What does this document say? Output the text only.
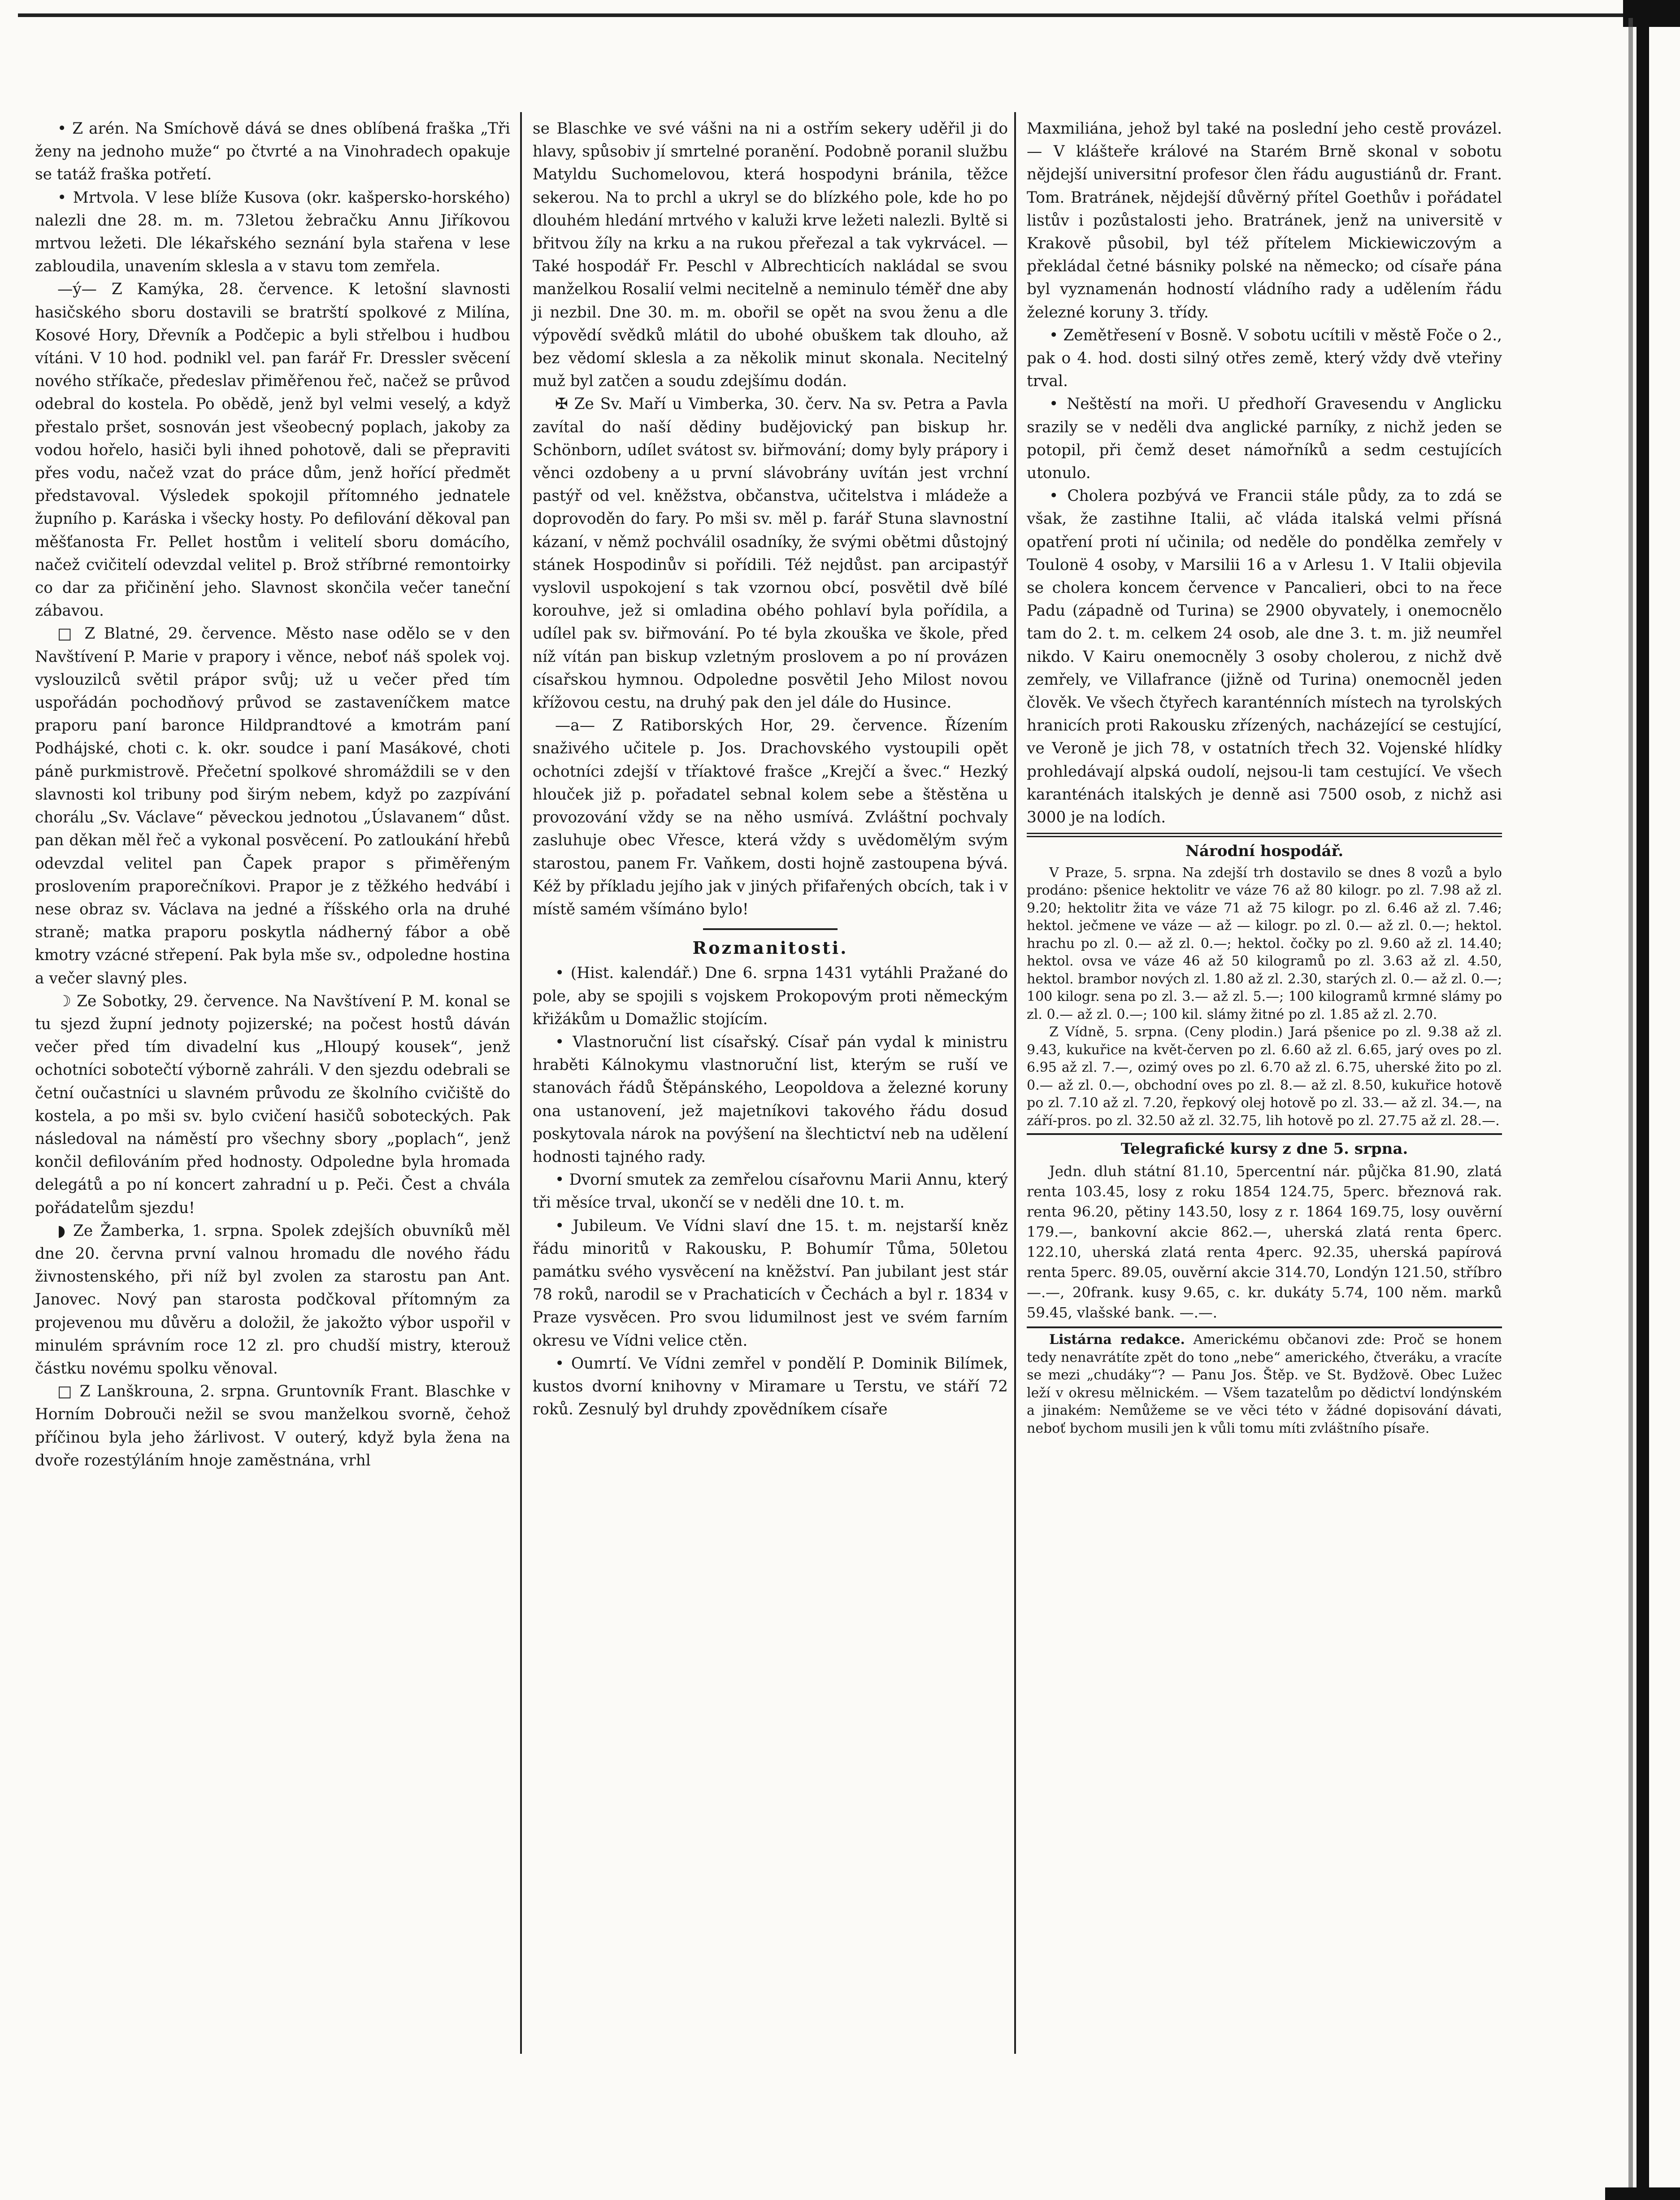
• Z arén. Na Smíchově dává se dnes oblíbená fraška „Tři ženy na jednoho muže“ po čtvrté a na Vinohradech opakuje se tatáž fraška potřetí.

• Mrtvola. V lese blíže Kusova (okr. kašpersko-horského) nalezli dne 28. m. m. 73letou žebračku Annu Jiříkovou mrtvou ležeti. Dle lékařského seznání byla stařena v lese zabloudila, unavením sklesla a v stavu tom zemřela.

—ý— Z Kamýka, 28. července. K letošní slavnosti hasičského sboru dostavili se bratrští spolkové z Milína, Kosové Hory, Dřevník a Podčepic a byli střelbou i hudbou vítáni. V 10 hod. podnikl vel. pan farář Fr. Dressler svěcení nového stříkače, předeslav přiměřenou řeč, načež se průvod odebral do kostela. Po obědě, jenž byl velmi veselý, a když přestalo pršet, sosnován jest všeobecný poplach, jakoby za vodou hořelo, hasiči byli ihned pohotově, dali se přepraviti přes vodu, načež vzat do práce dům, jenž hořící předmět představoval. Výsledek spokojil přítomného jednatele župního p. Karáska i všecky hosty. Po defilování děkoval pan měšťanosta Fr. Pellet hostům i velitelí sboru domácího, načež cvičitelí odevzdal velitel p. Brož stříbrné remontoirky co dar za přičinění jeho. Slavnost skončila večer taneční zábavou.

□ Z Blatné, 29. července. Město nase odělo se v den Navštívení P. Marie v prapory i věnce, neboť náš spolek voj. vyslouzilců světil prápor svůj; už u večer před tím uspořádán pochodňový průvod se zastaveníčkem matce praporu paní baronce Hildprandtové a kmotrám paní Podhájské, choti c. k. okr. soudce i paní Masákové, choti páně purkmistrově. Přečetní spolkové shromáždili se v den slavnosti kol tribuny pod širým nebem, když po zazpívání chorálu „Sv. Václave“ pěveckou jednotou „Úslavanem“ důst. pan děkan měl řeč a vykonal posvěcení. Po zatloukání hřebů odevzdal velitel pan Čapek prapor s přiměřeným proslovením praporečníkovi. Prapor je z těžkého hedvábí i nese obraz sv. Václava na jedné a říšského orla na druhé straně; matka praporu poskytla nádherný fábor a obě kmotry vzácné střepení. Pak byla mše sv., odpoledne hostina a večer slavný ples.

☽ Ze Sobotky, 29. července. Na Navštívení P. M. konal se tu sjezd župní jednoty pojizerské; na počest hostů dáván večer před tím divadelní kus „Hloupý kousek“, jenž ochotníci sobotečtí výborně zahráli. V den sjezdu odebrali se četní oučastníci u slavném průvodu ze školního cvičiště do kostela, a po mši sv. bylo cvičení hasičů soboteckých. Pak následoval na náměstí pro všechny sbory „poplach“, jenž končil defilováním před hodnosty. Odpoledne byla hromada delegátů a po ní koncert zahradní u p. Peči. Čest a chvála pořádatelům sjezdu!

◗ Ze Žamberka, 1. srpna. Spolek zdejších obuvníků měl dne 20. června první valnou hromadu dle nového řádu živnostenského, při níž byl zvolen za starostu pan Ant. Janovec. Nový pan starosta podčkoval přítomným za projevenou mu důvěru a doložil, že jakožto výbor uspořil v minulém správním roce 12 zl. pro chudší mistry, kterouž částku novému spolku věnoval.

□ Z Lanškrouna, 2. srpna. Gruntovník Frant. Blaschke v Horním Dobrouči nežil se svou manželkou svorně, čehož příčinou byla jeho žárlivost. V outerý, když byla žena na dvoře rozestýláním hnoje zaměstnána, vrhl

se Blaschke ve své vášni na ni a ostřím sekery uděřil ji do hlavy, spůsobiv jí smrtelné poranění. Podobně poranil službu Matyldu Suchomelovou, která hospodyni bránila, těžce sekerou. Na to prchl a ukryl se do blízkého pole, kde ho po dlouhém hledání mrtvého v kaluži krve ležeti nalezli. Byltě si břitvou žíly na krku a na rukou přeřezal a tak vykrvácel. — Také hospodář Fr. Peschl v Albrechticích nakládal se svou manželkou Rosalií velmi necitelně a neminulo téměř dne aby ji nezbil. Dne 30. m. m. obořil se opět na svou ženu a dle výpovědí svědků mlátil do ubohé obuškem tak dlouho, až bez vědomí sklesla a za několik minut skonala. Necitelný muž byl zatčen a soudu zdejšímu dodán.

✠ Ze Sv. Maří u Vimberka, 30. červ. Na sv. Petra a Pavla zavítal do naší dědiny budějovický pan biskup hr. Schönborn, udílet svátost sv. biřmování; domy byly prápory i věnci ozdobeny a u první slávobrány uvítán jest vrchní pastýř od vel. kněžstva, občanstva, učitelstva i mládeže a doprovoděn do fary. Po mši sv. měl p. farář Stuna slavnostní kázaní, v němž pochválil osadníky, že svými obětmi důstojný stánek Hospodinův si pořídili. Též nejdůst. pan arcipastýř vyslovil uspokojení s tak vzornou obcí, posvětil dvě bílé korouhve, jež si omladina obého pohlaví byla pořídila, a udílel pak sv. biřmování. Po té byla zkouška ve škole, před níž vítán pan biskup vzletným proslovem a po ní provázen císařskou hymnou. Odpoledne posvětil Jeho Milost novou křížovou cestu, na druhý pak den jel dále do Husince.

—a— Z Ratiborských Hor, 29. července. Řízením snaživého učitele p. Jos. Drachovského vystoupili opět ochotníci zdejší v tříaktové frašce „Krejčí a švec.“ Hezký hlouček již p. pořadatel sebnal kolem sebe a štěstěna u provozování vždy se na něho usmívá. Zvláštní pochvaly zasluhuje obec Vřesce, která vždy s uvědomělým svým starostou, panem Fr. Vaňkem, dosti hojně zastoupena bývá. Kéž by příkladu jejího jak v jiných přifařených obcích, tak i v místě samém všímáno bylo!

Rozmanitosti.

• (Hist. kalendář.) Dne 6. srpna 1431 vytáhli Pražané do pole, aby se spojili s vojskem Prokopovým proti německým křižákům u Domažlic stojícím.

• Vlastnoruční list císařský. Císař pán vydal k ministru hraběti Kálnokymu vlastnoruční list, kterým se ruší ve stanovách řádů Štěpánského, Leopoldova a železné koruny ona ustanovení, jež majetníkovi takového řádu dosud poskytovala nárok na povýšení na šlechtictví neb na udělení hodnosti tajného rady.

• Dvorní smutek za zemřelou císařovnu Marii Annu, který tři měsíce trval, ukončí se v neděli dne 10. t. m.

• Jubileum. Ve Vídni slaví dne 15. t. m. nejstarší kněz řádu minoritů v Rakousku, P. Bohumír Tůma, 50letou památku svého vysvěcení na kněžství. Pan jubilant jest stár 78 roků, narodil se v Prachaticích v Čechách a byl r. 1834 v Praze vysvěcen. Pro svou lidumilnost jest ve svém farním okresu ve Vídni velice ctěn.

• Oumrtí. Ve Vídni zemřel v pondělí P. Dominik Bilímek, kustos dvorní knihovny v Miramare u Terstu, ve stáří 72 roků. Zesnulý byl druhdy zpovědníkem císaře

Maxmiliána, jehož byl také na poslední jeho cestě provázel. — V klášteře králové na Starém Brně skonal v sobotu nějdejší universitní profesor člen řádu augustiánů dr. Frant. Tom. Bratránek, nějdejší důvěrný přítel Goethův i pořádatel listův i pozůstalosti jeho. Bratránek, jenž na universitě v Krakově působil, byl též přítelem Mickiewiczovým a překládal četné básniky polské na německo; od císaře pána byl vyznamenán hodností vládního rady a udělením řádu železné koruny 3. třídy.

• Zemětřesení v Bosně. V sobotu ucítili v městě Foče o 2., pak o 4. hod. dosti silný otřes země, který vždy dvě vteřiny trval.

• Neštěstí na moři. U předhoří Gravesendu v Anglicku srazily se v neděli dva anglické parníky, z nichž jeden se potopil, při čemž deset námořníků a sedm cestujících utonulo.

• Cholera pozbývá ve Francii stále půdy, za to zdá se však, že zastihne Italii, ač vláda italská velmi přísná opatření proti ní učinila; od neděle do pondělka zemřely v Toulonë 4 osoby, v Marsilii 16 a v Arlesu 1. V Italii objevila se cholera koncem července v Pancalieri, obci to na řece Padu (západně od Turina) se 2900 obyvately, i onemocnělo tam do 2. t. m. celkem 24 osob, ale dne 3. t. m. již neumřel nikdo. V Kairu onemocněly 3 osoby cholerou, z nichž dvě zemřely, ve Villafrance (jižně od Turina) onemocněl jeden člověk. Ve všech čtyřech karanténních místech na tyrolských hranicích proti Rakousku zřízených, nacházející se cestující, ve Veroně je jich 78, v ostatních třech 32. Vojenské hlídky prohledávají alpská oudolí, nejsou-li tam cestující. Ve všech karanténách italských je denně asi 7500 osob, z nichž asi 3000 je na lodích.

Národní hospodář.

V Praze, 5. srpna. Na zdejší trh dostavilo se dnes 8 vozů a bylo prodáno: pšenice hektolitr ve váze 76 až 80 kilogr. po zl. 7.98 až zl. 9.20; hektolitr žita ve váze 71 až 75 kilogr. po zl. 6.46 až zl. 7.46; hektol. ječmene ve váze — až — kilogr. po zl. 0.— až zl. 0.—; hektol. hrachu po zl. 0.— až zl. 0.—; hektol. čočky po zl. 9.60 až zl. 14.40; hektol. ovsa ve váze 46 až 50 kilogramů po zl. 3.63 až zl. 4.50, hektol. brambor nových zl. 1.80 až zl. 2.30, starých zl. 0.— až zl. 0.—; 100 kilogr. sena po zl. 3.— až zl. 5.—; 100 kilogramů krmné slámy po zl. 0.— až zl. 0.—; 100 kil. slámy žitné po zl. 1.85 až zl. 2.70.

Z Vídně, 5. srpna. (Ceny plodin.) Jará pšenice po zl. 9.38 až zl. 9.43, kukuřice na květ-červen po zl. 6.60 až zl. 6.65, jarý oves po zl. 6.95 až zl. 7.—, ozimý oves po zl. 6.70 až zl. 6.75, uherské žito po zl. 0.— až zl. 0.—, obchodní oves po zl. 8.— až zl. 8.50, kukuřice hotově po zl. 7.10 až zl. 7.20, řepkový olej hotově po zl. 33.— až zl. 34.—, na září-pros. po zl. 32.50 až zl. 32.75, lih hotově po zl. 27.75 až zl. 28.—.

Telegrafické kursy z dne 5. srpna.

Jedn. dluh státní 81.10, 5percentní nár. půjčka 81.90, zlatá renta 103.45, losy z roku 1854 124.75, 5perc. březnová rak. renta 96.20, pětiny 143.50, losy z r. 1864 169.75, losy ouvěrní 179.—, bankovní akcie 862.—, uherská zlatá renta 6perc. 122.10, uherská zlatá renta 4perc. 92.35, uherská papírová renta 5perc. 89.05, ouvěrní akcie 314.70, Londýn 121.50, stříbro —.—, 20frank. kusy 9.65, c. kr. dukáty 5.74, 100 něm. marků 59.45, vlašské bank. —.—.

Listárna redakce. Americkému občanovi zde: Proč se honem tedy nenavrátíte zpět do tono „nebe“ amerického, čtveráku, a vracíte se mezi „chudáky“? — Panu Jos. Štěp. ve St. Bydžově. Obec Lužec leží v okresu mělnickém. — Všem tazatelům po dědictví londýnském a jinakém: Nemůžeme se ve věci této v žádné dopisování dávati, neboť bychom musili jen k vůli tomu míti zvláštního písaře.
